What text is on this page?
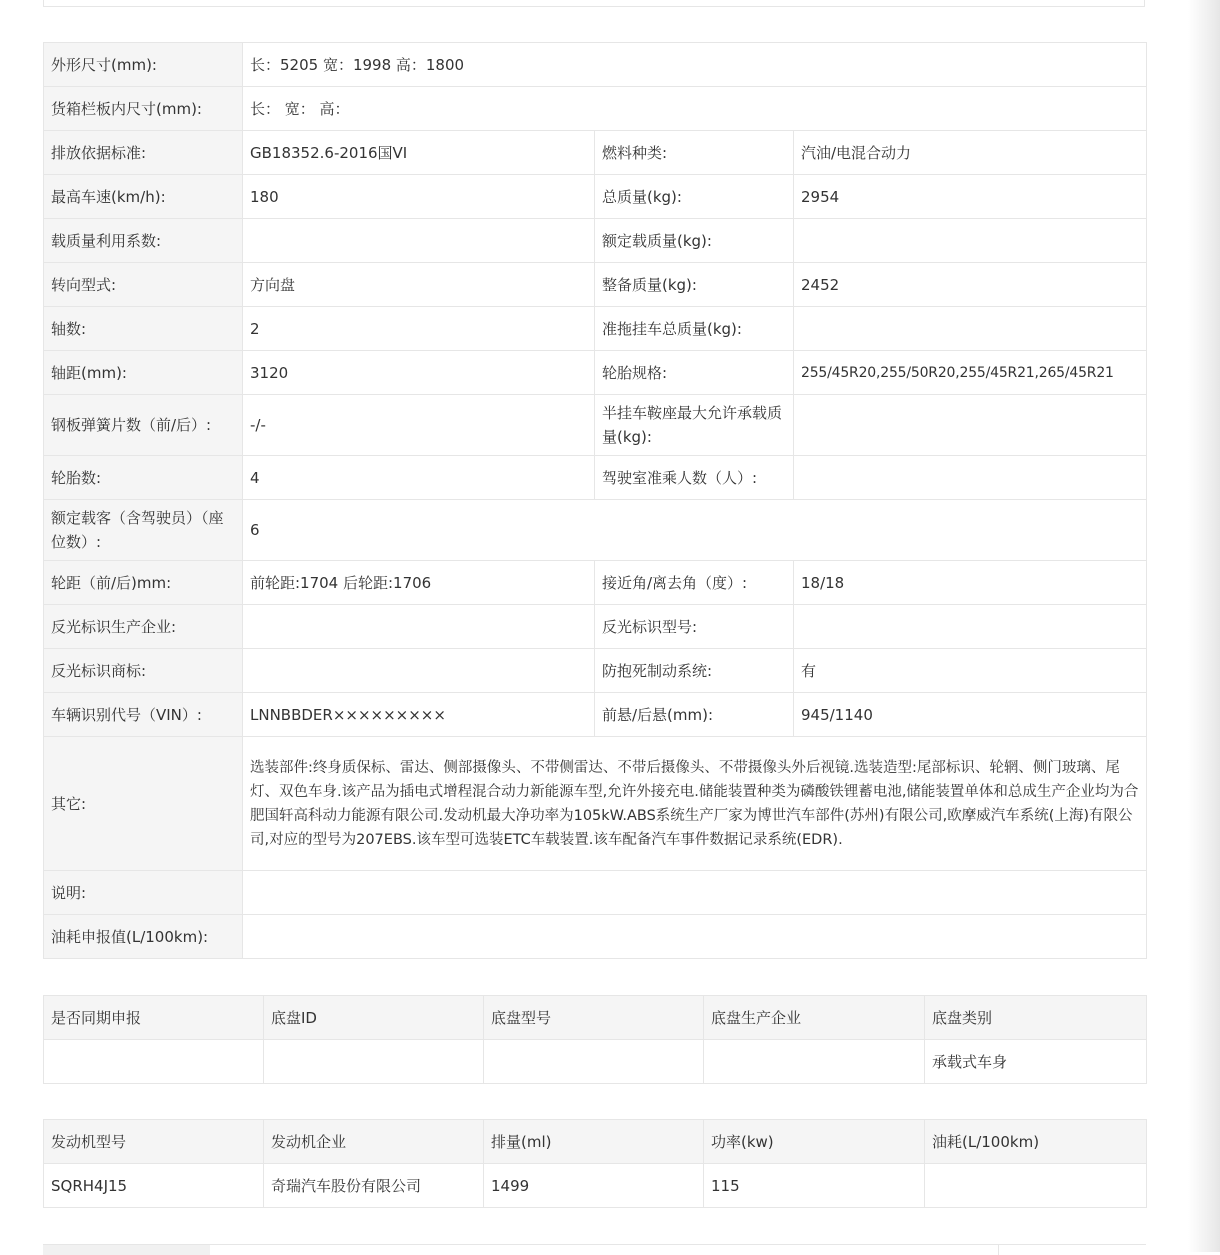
外形尺寸(mm):	长：5205 宽：1998 高：1800		
货箱栏板内尺寸(mm):	长： 宽： 高：		
排放依据标准:	GB18352.6-2016国VI	燃料种类:	汽油/电混合动力
最高车速(km/h):	180	总质量(kg):	2954
载质量利用系数:		额定载质量(kg):	
转向型式:	方向盘	整备质量(kg):	2452
轴数:	2	准拖挂车总质量(kg):	
轴距(mm):	3120	轮胎规格:	255/45R20,255/50R20,255/45R21,265/45R21
钢板弹簧片数（前/后）:	-/-	半挂车鞍座最大允许承载质量(kg):	
轮胎数:	4	驾驶室准乘人数（人）:	
额定载客（含驾驶员）（座位数）:	6		
轮距（前/后)mm:	前轮距:1704 后轮距:1706	接近角/离去角（度）:	18/18
反光标识生产企业:		反光标识型号:	
反光标识商标:		防抱死制动系统:	有
车辆识别代号（VIN）:	LNNBBDER×××××××××	前悬/后悬(mm):	945/1140
其它:	选装部件:终身质保标、雷达、侧部摄像头、不带侧雷达、不带后摄像头、不带摄像头外后视镜.选装造型:尾部标识、轮辋、侧门玻璃、尾灯、双色车身.该产品为插电式增程混合动力新能源车型,允许外接充电.储能装置种类为磷酸铁锂蓄电池,储能装置单体和总成生产企业均为合肥国轩高科动力能源有限公司.发动机最大净功率为105kW.ABS系统生产厂家为博世汽车部件(苏州)有限公司,欧摩威汽车系统(上海)有限公司,对应的型号为207EBS.该车型可选装ETC车载装置.该车配备汽车事件数据记录系统(EDR).		
说明:			
油耗申报值(L/100km):			
是否同期申报	底盘ID	底盘型号	底盘生产企业	底盘类别
				承载式车身
发动机型号	发动机企业	排量(ml)	功率(kw)	油耗(L/100km)
SQRH4J15	奇瑞汽车股份有限公司	1499	115	
